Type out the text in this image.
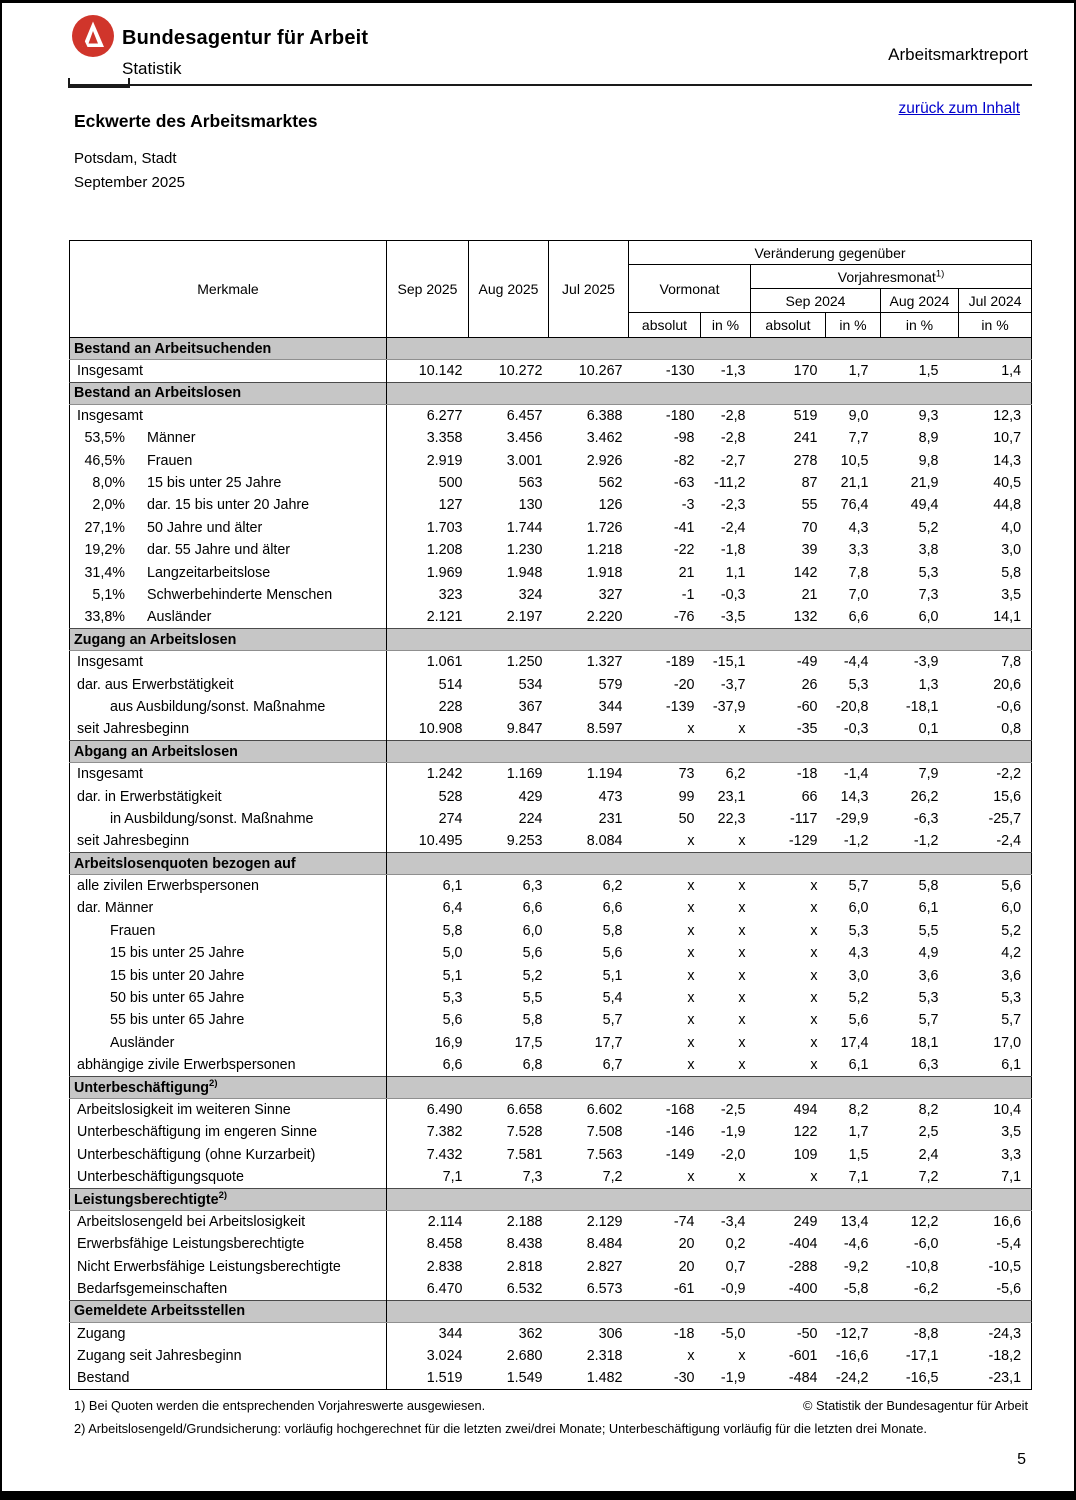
Bundesagentur für Arbeit
Statistik
Arbeitsmarktreport
zurück zum Inhalt
Eckwerte des Arbeitsmarktes
Potsdam, Stadt
September 2025
Merkmale	Sep 2025	Aug 2025	Jul 2025	Veränderung gegenüber					
				Vormonat		Vorjahresmonat$^{1)}$
						Sep 2024		Aug 2024	Jul 2024
				absolut	in %	absolut	in %	in %	in %
Bestand an Arbeitsuchenden									
Insgesamt	10.142	10.272	10.267	-130	-1,3	170	1,7	1,5	1,4
Bestand an Arbeitslosen									
Insgesamt	6.277	6.457	6.388	-180	-2,8	519	9,0	9,3	12,3
53,5% Männer	3.358	3.456	3.462	-98	-2,8	241	7,7	8,9	10,7
46,5% Frauen	2.919	3.001	2.926	-82	-2,7	278	10,5	9,8	14,3
8,0% 15 bis unter 25 Jahre	500	563	562	-63	-11,2	87	21,1	21,9	40,5
2,0% dar. 15 bis unter 20 Jahre	127	130	126	-3	-2,3	55	76,4	49,4	44,8
27,1% 50 Jahre und älter	1.703	1.744	1.726	-41	-2,4	70	4,3	5,2	4,0
19,2% dar. 55 Jahre und älter	1.208	1.230	1.218	-22	-1,8	39	3,3	3,8	3,0
31,4% Langzeitarbeitslose	1.969	1.948	1.918	21	1,1	142	7,8	5,3	5,8
5,1% Schwerbehinderte Menschen	323	324	327	-1	-0,3	21	7,0	7,3	3,5
33,8% Ausländer	2.121	2.197	2.220	-76	-3,5	132	6,6	6,0	14,1
Zugang an Arbeitslosen									
Insgesamt	1.061	1.250	1.327	-189	-15,1	-49	-4,4	-3,9	7,8
dar. aus Erwerbstätigkeit	514	534	579	-20	-3,7	26	5,3	1,3	20,6
aus Ausbildung/sonst. Maßnahme	228	367	344	-139	-37,9	-60	-20,8	-18,1	-0,6
seit Jahresbeginn	10.908	9.847	8.597	x	x	-35	-0,3	0,1	0,8
Abgang an Arbeitslosen									
Insgesamt	1.242	1.169	1.194	73	6,2	-18	-1,4	7,9	-2,2
dar. in Erwerbstätigkeit	528	429	473	99	23,1	66	14,3	26,2	15,6
in Ausbildung/sonst. Maßnahme	274	224	231	50	22,3	-117	-29,9	-6,3	-25,7
seit Jahresbeginn	10.495	9.253	8.084	x	x	-129	-1,2	-1,2	-2,4
Arbeitslosenquoten bezogen auf									
alle zivilen Erwerbspersonen	6,1	6,3	6,2	x	x	x	5,7	5,8	5,6
dar. Männer	6,4	6,6	6,6	x	x	x	6,0	6,1	6,0
Frauen	5,8	6,0	5,8	x	x	x	5,3	5,5	5,2
15 bis unter 25 Jahre	5,0	5,6	5,6	x	x	x	4,3	4,9	4,2
15 bis unter 20 Jahre	5,1	5,2	5,1	x	x	x	3,0	3,6	3,6
50 bis unter 65 Jahre	5,3	5,5	5,4	x	x	x	5,2	5,3	5,3
55 bis unter 65 Jahre	5,6	5,8	5,7	x	x	x	5,6	5,7	5,7
Ausländer	16,9	17,5	17,7	x	x	x	17,4	18,1	17,0
abhängige zivile Erwerbspersonen	6,6	6,8	6,7	x	x	x	6,1	6,3	6,1
Unterbeschäftigung$^{2)}$	
Arbeitslosigkeit im weiteren Sinne	6.490	6.658	6.602	-168	-2,5	494	8,2	8,2	10,4
Unterbeschäftigung im engeren Sinne	7.382	7.528	7.508	-146	-1,9	122	1,7	2,5	3,5
Unterbeschäftigung (ohne Kurzarbeit)	7.432	7.581	7.563	-149	-2,0	109	1,5	2,4	3,3
Unterbeschäftigungsquote	7,1	7,3	7,2	x	x	x	7,1	7,2	7,1
Leistungsberechtigte$^{2)}$	
Arbeitslosengeld bei Arbeitslosigkeit	2.114	2.188	2.129	-74	-3,4	249	13,4	12,2	16,6
Erwerbsfähige Leistungsberechtigte	8.458	8.438	8.484	20	0,2	-404	-4,6	-6,0	-5,4
Nicht Erwerbsfähige Leistungsberechtigte	2.838	2.818	2.827	20	0,7	-288	-9,2	-10,8	-10,5
Bedarfsgemeinschaften	6.470	6.532	6.573	-61	-0,9	-400	-5,8	-6,2	-5,6
Gemeldete Arbeitsstellen									
Zugang	344	362	306	-18	-5,0	-50	-12,7	-8,8	-24,3
Zugang seit Jahresbeginn	3.024	2.680	2.318	x	x	-601	-16,6	-17,1	-18,2
Bestand	1.519	1.549	1.482	-30	-1,9	-484	-24,2	-16,5	-23,1
1) Bei Quoten werden die entsprechenden Vorjahreswerte ausgewiesen.	© Statistik der Bundesagentur für Arbeit
2) Arbeitslosengeld/Grundsicherung: vorläufig hochgerechnet für die letzten zwei/drei Monate; Unterbeschäftigung vorläufig für die letzten drei Monate.
5
